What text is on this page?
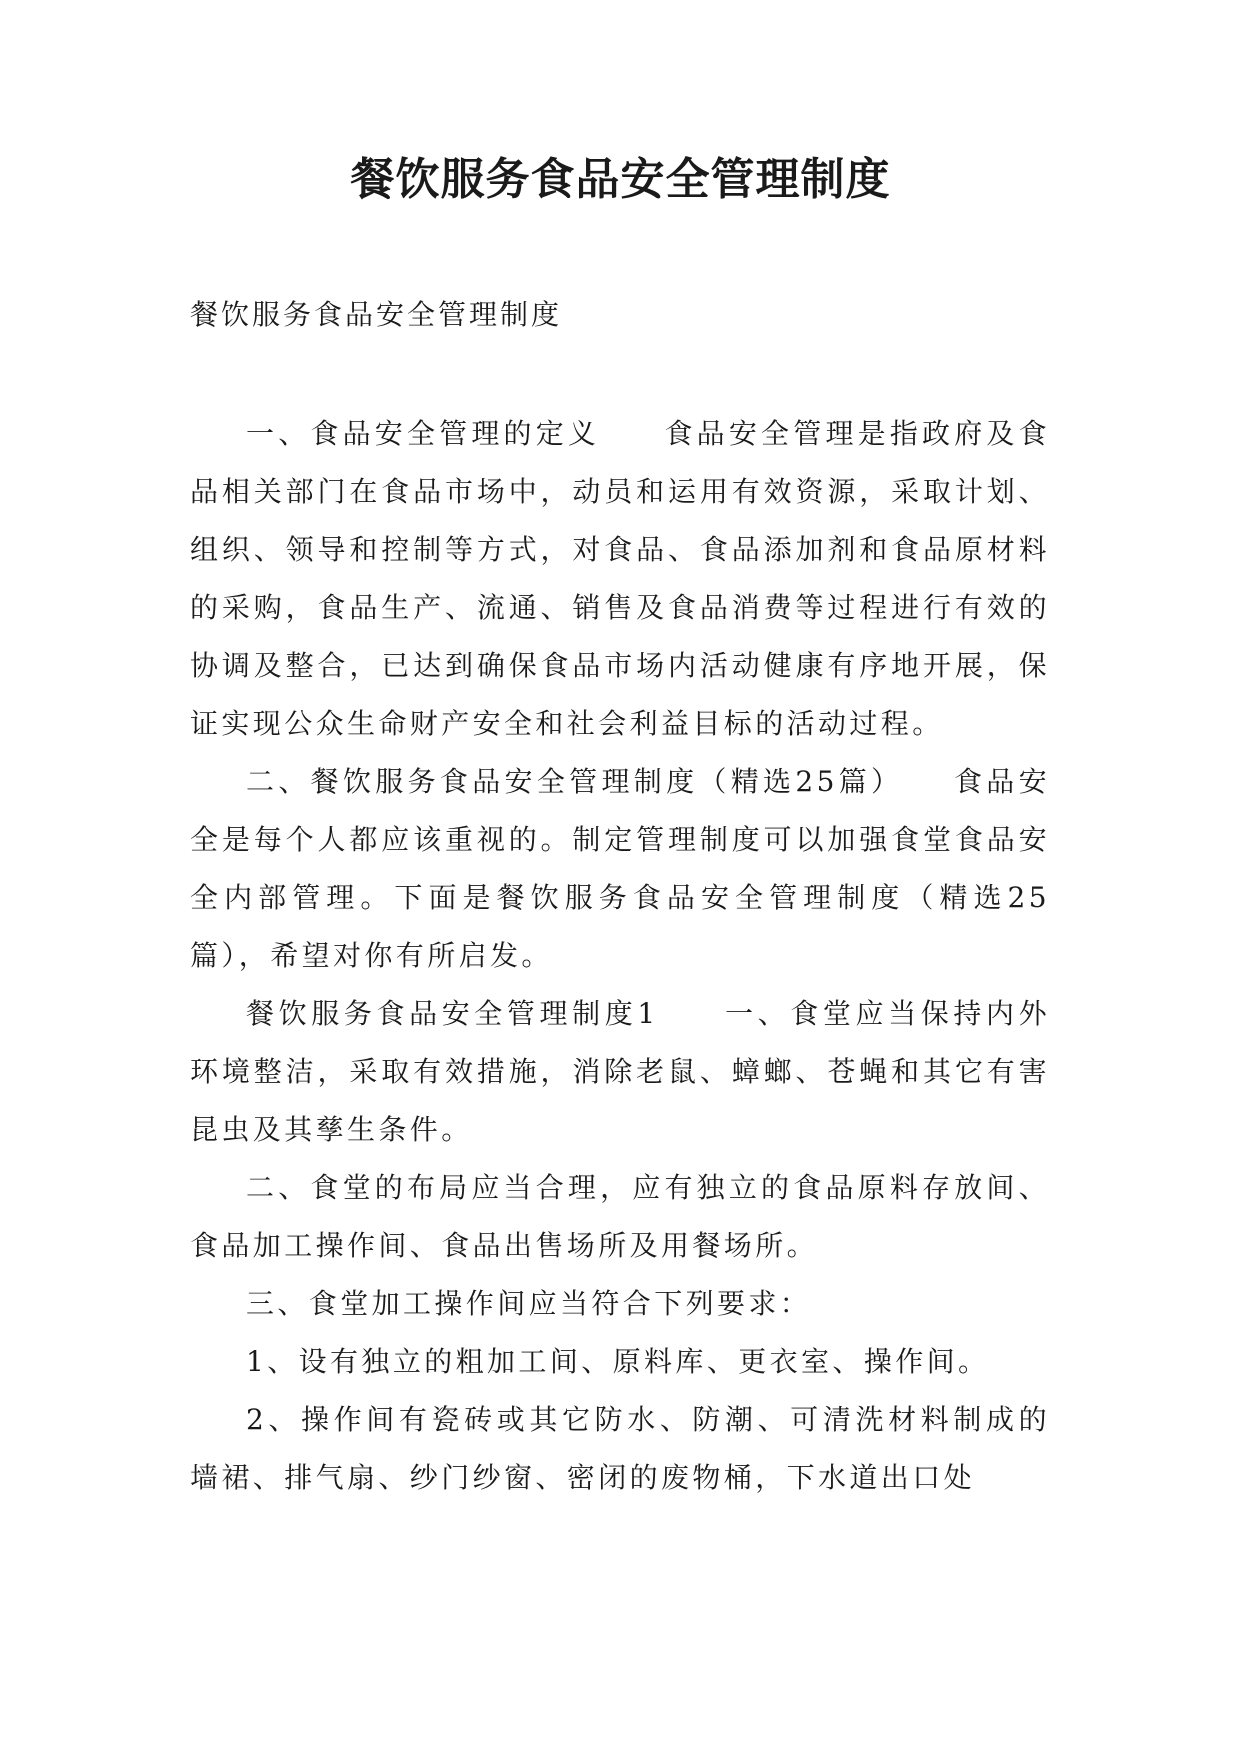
餐饮服务食品安全管理制度

餐饮服务食品安全管理制度

一、食品安全管理的定义　　食品安全管理是指政府及食品相关部门在食品市场中，动员和运用有效资源，采取计划、组织、领导和控制等方式，对食品、食品添加剂和食品原材料的采购，食品生产、流通、销售及食品消费等过程进行有效的协调及整合，已达到确保食品市场内活动健康有序地开展，保证实现公众生命财产安全和社会利益目标的活动过程。

二、餐饮服务食品安全管理制度（精选25篇）　　食品安全是每个人都应该重视的。制定管理制度可以加强食堂食品安全内部管理。下面是餐饮服务食品安全管理制度（精选25篇），希望对你有所启发。

餐饮服务食品安全管理制度1　　一、食堂应当保持内外环境整洁，采取有效措施，消除老鼠、蟑螂、苍蝇和其它有害昆虫及其孳生条件。

二、食堂的布局应当合理，应有独立的食品原料存放间、食品加工操作间、食品出售场所及用餐场所。

三、食堂加工操作间应当符合下列要求：

1、设有独立的粗加工间、原料库、更衣室、操作间。

2、操作间有瓷砖或其它防水、防潮、可清洗材料制成的墙裙、排气扇、纱门纱窗、密闭的废物桶，下水道出口处
